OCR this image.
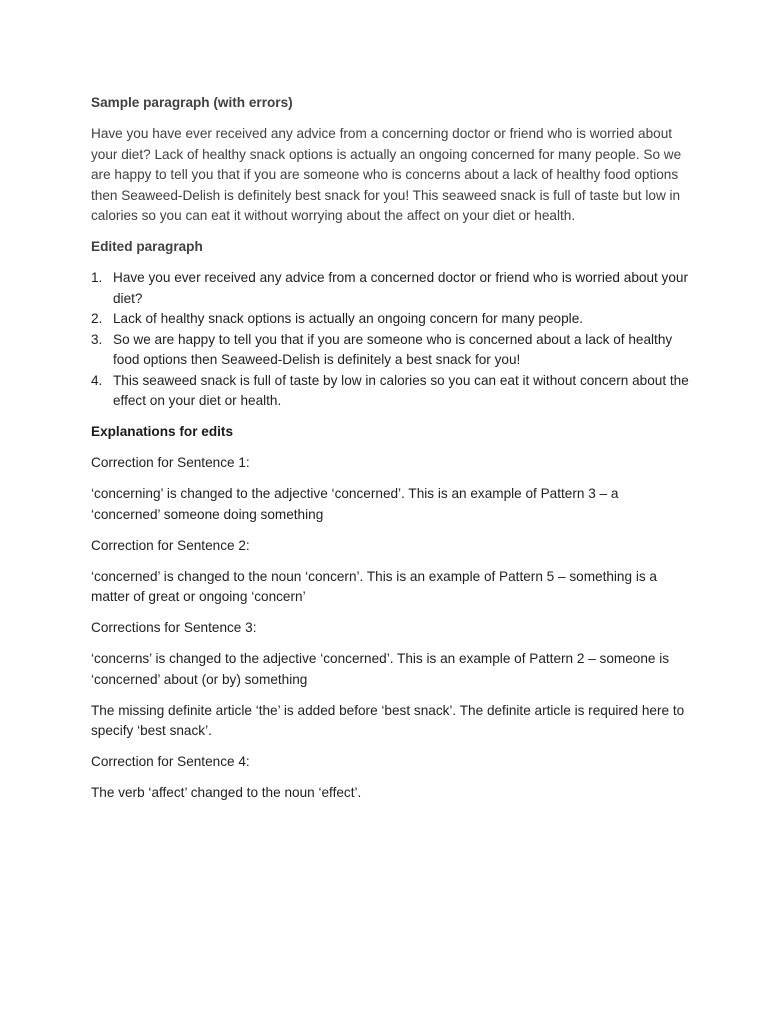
Sample paragraph (with errors)

Have you have ever received any advice from a concerning doctor or friend who is worried about your diet? Lack of healthy snack options is actually an ongoing concerned for many people. So we are happy to tell you that if you are someone who is concerns about a lack of healthy food options then Seaweed-Delish is definitely best snack for you! This seaweed snack is full of taste but low in calories so you can eat it without worrying about the affect on your diet or health.

Edited paragraph

1. Have you ever received any advice from a concerned doctor or friend who is worried about your diet?
2. Lack of healthy snack options is actually an ongoing concern for many people.
3. So we are happy to tell you that if you are someone who is concerned about a lack of healthy food options then Seaweed-Delish is definitely a best snack for you!
4. This seaweed snack is full of taste by low in calories so you can eat it without concern about the effect on your diet or health.

Explanations for edits

Correction for Sentence 1:

‘concerning’ is changed to the adjective ‘concerned’. This is an example of Pattern 3 – a ‘concerned’ someone doing something

Correction for Sentence 2:

‘concerned’ is changed to the noun ‘concern’. This is an example of Pattern 5 – something is a matter of great or ongoing ‘concern’

Corrections for Sentence 3:

‘concerns’ is changed to the adjective ‘concerned’. This is an example of Pattern 2 – someone is ‘concerned’ about (or by) something

The missing definite article ‘the’ is added before ‘best snack’. The definite article is required here to specify ‘best snack’.

Correction for Sentence 4:

The verb ‘affect’ changed to the noun ‘effect’.
